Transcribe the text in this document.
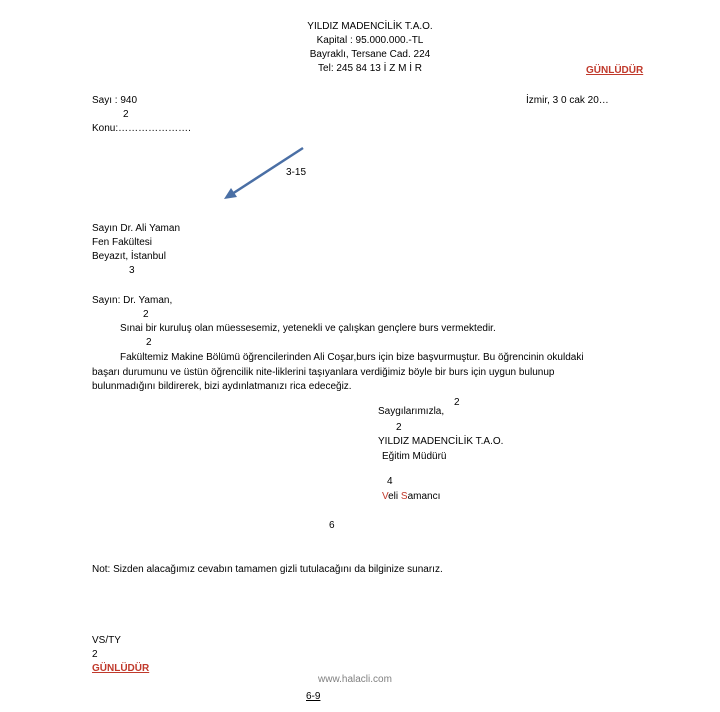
YILDIZ MADENCİLİK T.A.O.
Kapital : 95.000.000.-TL
Bayraklı, Tersane Cad. 224
Tel: 245 84 13 İ Z M İ R	GÜNLÜDÜR
Sayı : 940	İzmir, 3 0 cak 20…
2
Konu:………………….
3-15
Sayın Dr. Ali Yaman
Fen Fakültesi
Beyazıt, İstanbul
3
Sayın: Dr. Yaman,
2
Sınai bir kuruluş olan müessesemiz, yetenekli ve çalışkan gençlere burs vermektedir.
2
Fakültemiz Makine Bölümü öğrencilerinden Ali Coşar,burs için bize başvurmuştur. Bu öğrencinin okuldaki
başarı durumunu ve üstün öğrencilik nite-liklerini taşıyanlara verdiğimiz böyle bir burs için uygun bulunup
bulunmadığını bildirerek, bizi aydınlatmanızı rica edeceğiz.
2
Saygılarımızla,
2
YILDIZ MADENCİLİK T.A.O.
Eğitim Müdürü
4
Veli Samancı
6
Not: Sizden alacağımız cevabın tamamen gizli tutulacağını da bilginize sunarız.
VS/TY
2
GÜNLÜDÜR
www.halacli.com
6-9
